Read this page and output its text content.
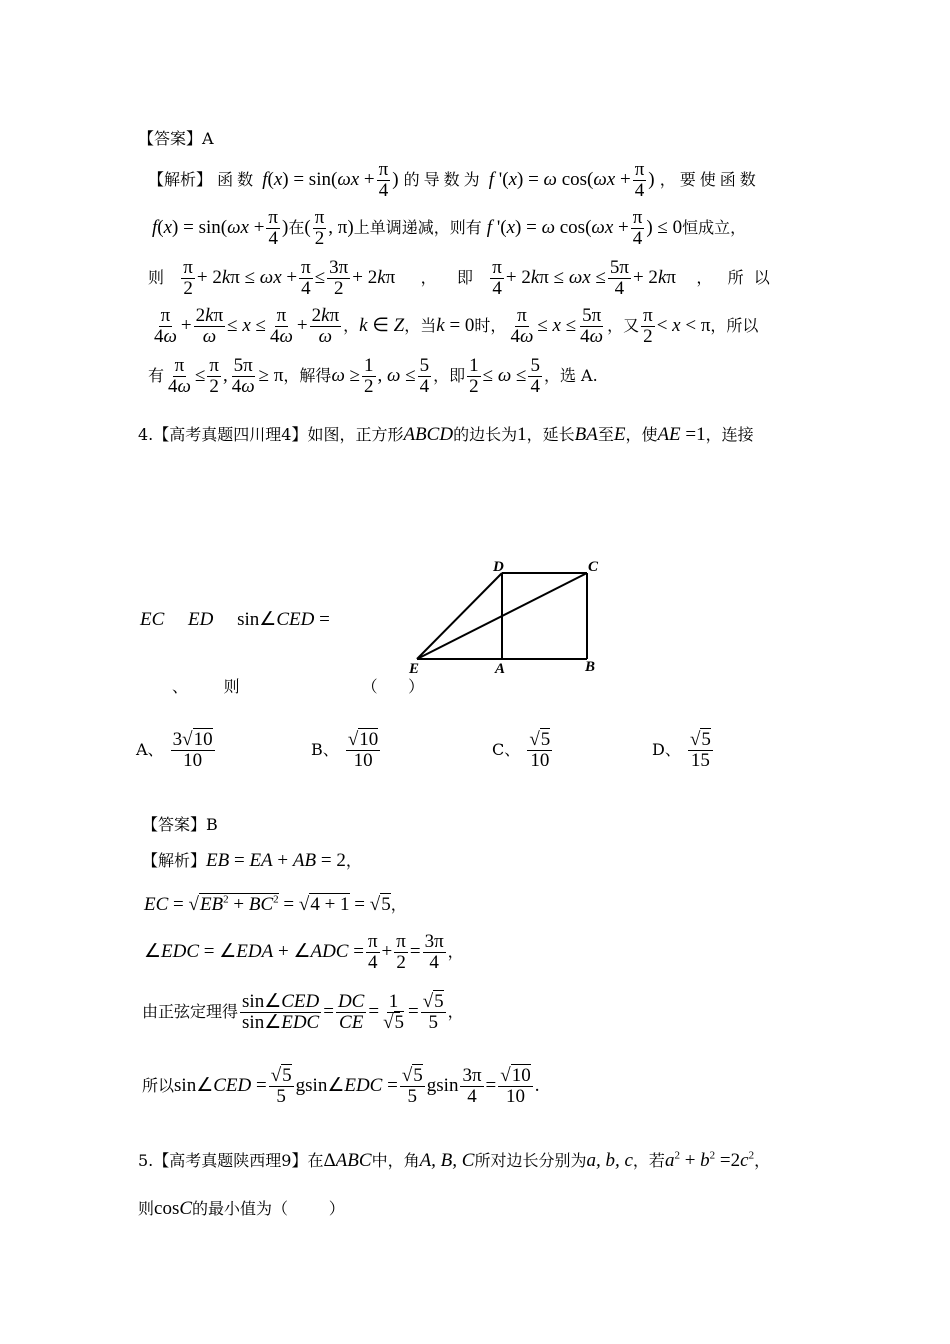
【答案】A
【解析】 函数 $f(x) = \sin(\omega x + \frac{\pi}{4}$ ) 的导数为 f '(x) = ω $\cos(\omega x + \frac{\pi}{4}$ ) ，要使函数
$f(x) = \sin(\omega x + \frac{\pi}{4}$ )在( $\frac{\pi}{2}$ , π)上单调递减，则有 f '(x) = ω $\cos(\omega x + \frac{\pi}{4}$ ) ≤ 0恒成立，
则 $\frac{\pi}{2} + 2k\pi \le \omega x + \frac{\pi}{4} \le \frac{3\pi}{2} + 2k\pi$     ，    即 $\frac{\pi}{4} + 2k\pi \le \omega x \le \frac{5\pi}{4} + 2k\pi$    ，   所  以
$\frac{\pi}{4\omega} + \frac{2k\pi}{\omega} \le x \le \frac{\pi}{4\omega} + \frac{2k\pi}{\omega}$ ，k ∈ Z，当k = 0时， $\frac{\pi}{4\omega} \le x \le \frac{5\pi}{4\omega}$ ，又 $\frac{\pi}{2} < x < \pi$，所以
有 $\frac{\pi}{4\omega} \le \frac{\pi}{2}$ , $\frac{5\pi}{4\omega} \ge \pi$，解得$\omega \ge \frac{1}{2}$ , $\omega \le \frac{5}{4}$ ，即 $\frac{1}{2} \le \omega \le \frac{5}{4}$ ，选 A.
4.【高考真题四川理4】如图，正方形ABCD的边长为1，延长BA至E，使AE =1，连接
EC ED     sin∠CED =
、       则                        （      ）
D	C
E	A	B
A、 $\frac{3√10}{10}$	B、 $\frac{√10}{10}$	C、 $\frac{√5}{10}$	D、 $\frac{√5}{15}$
【答案】B
【解析】EB = EA + AB = 2，
EC = $√EB^2 + BC^2 = √4 + 1 = √5$，
∠EDC = ∠EDA + ∠ADC = $\frac{\pi}{4} + \frac{\pi}{2} = \frac{3\pi}{4}$ ，
由正弦定理得 $\frac{\text{sin∠CED}}{\text{sin∠EDC}} = \frac{DC}{CE} = \frac{1}{√5} = \frac{√5}{5}$ ，
所以sin∠CED = $\frac{√5}{5}$ gsin∠EDC = $\frac{√5}{5}$ gsin $\frac{3\pi}{4} = \frac{√10}{10}$ .
5.【高考真题陕西理9】在ΔABC中，角A, B, C所对边长分别为a, b, c，若$a^2 + b^2 =2c^2$，
则cosC的最小值为（        ）
